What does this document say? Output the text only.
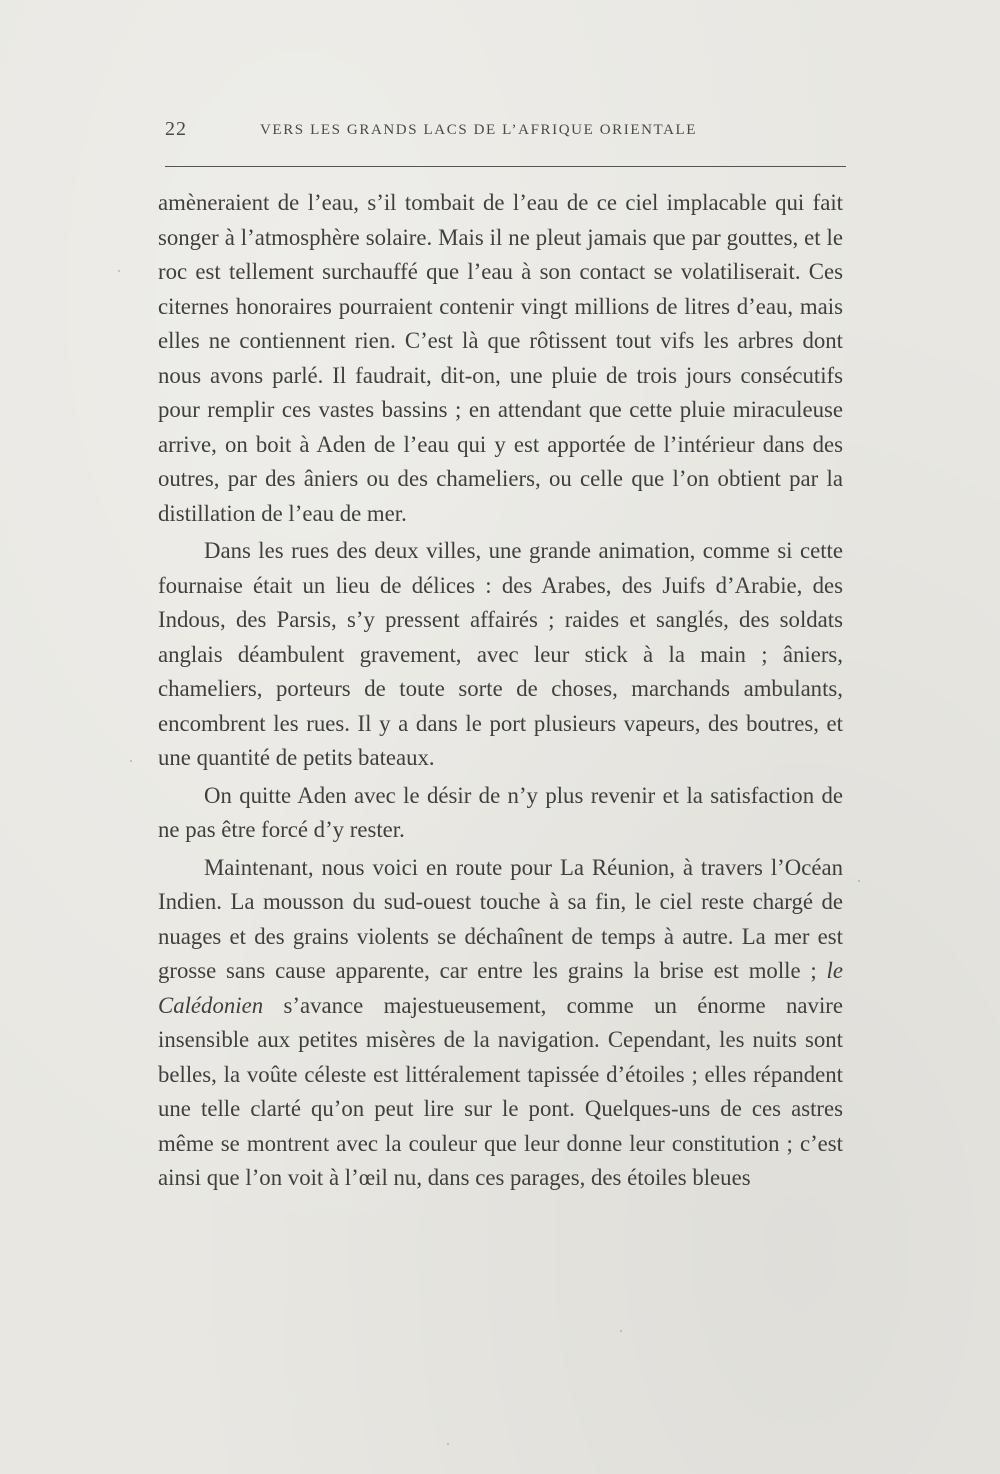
22	VERS LES GRANDS LACS DE L’AFRIQUE ORIENTALE

amèneraient de l’eau, s’il tombait de l’eau de ce ciel implacable qui fait songer à l’atmosphère solaire. Mais il ne pleut jamais que par gouttes, et le roc est tellement surchauffé que l’eau à son contact se volatiliserait. Ces citernes honoraires pourraient contenir vingt millions de litres d’eau, mais elles ne contiennent rien. C’est là que rôtissent tout vifs les arbres dont nous avons parlé. Il faudrait, dit-on, une pluie de trois jours consécutifs pour remplir ces vastes bassins ; en attendant que cette pluie miraculeuse arrive, on boit à Aden de l’eau qui y est apportée de l’intérieur dans des outres, par des âniers ou des chameliers, ou celle que l’on obtient par la distillation de l’eau de mer.

Dans les rues des deux villes, une grande animation, comme si cette fournaise était un lieu de délices : des Arabes, des Juifs d’Arabie, des Indous, des Parsis, s’y pressent affairés ; raides et sanglés, des soldats anglais déambulent gravement, avec leur stick à la main ; âniers, chameliers, porteurs de toute sorte de choses, marchands ambulants, encombrent les rues. Il y a dans le port plusieurs vapeurs, des boutres, et une quantité de petits bateaux.

On quitte Aden avec le désir de n’y plus revenir et la satisfaction de ne pas être forcé d’y rester.

Maintenant, nous voici en route pour La Réunion, à travers l’Océan Indien. La mousson du sud-ouest touche à sa fin, le ciel reste chargé de nuages et des grains violents se déchaînent de temps à autre. La mer est grosse sans cause apparente, car entre les grains la brise est molle ; le Calédonien s’avance majestueusement, comme un énorme navire insensible aux petites misères de la navigation. Cependant, les nuits sont belles, la voûte céleste est littéralement tapissée d’étoiles ; elles répandent une telle clarté qu’on peut lire sur le pont. Quelques-uns de ces astres même se montrent avec la couleur que leur donne leur constitution ; c’est ainsi que l’on voit à l’œil nu, dans ces parages, des étoiles bleues
